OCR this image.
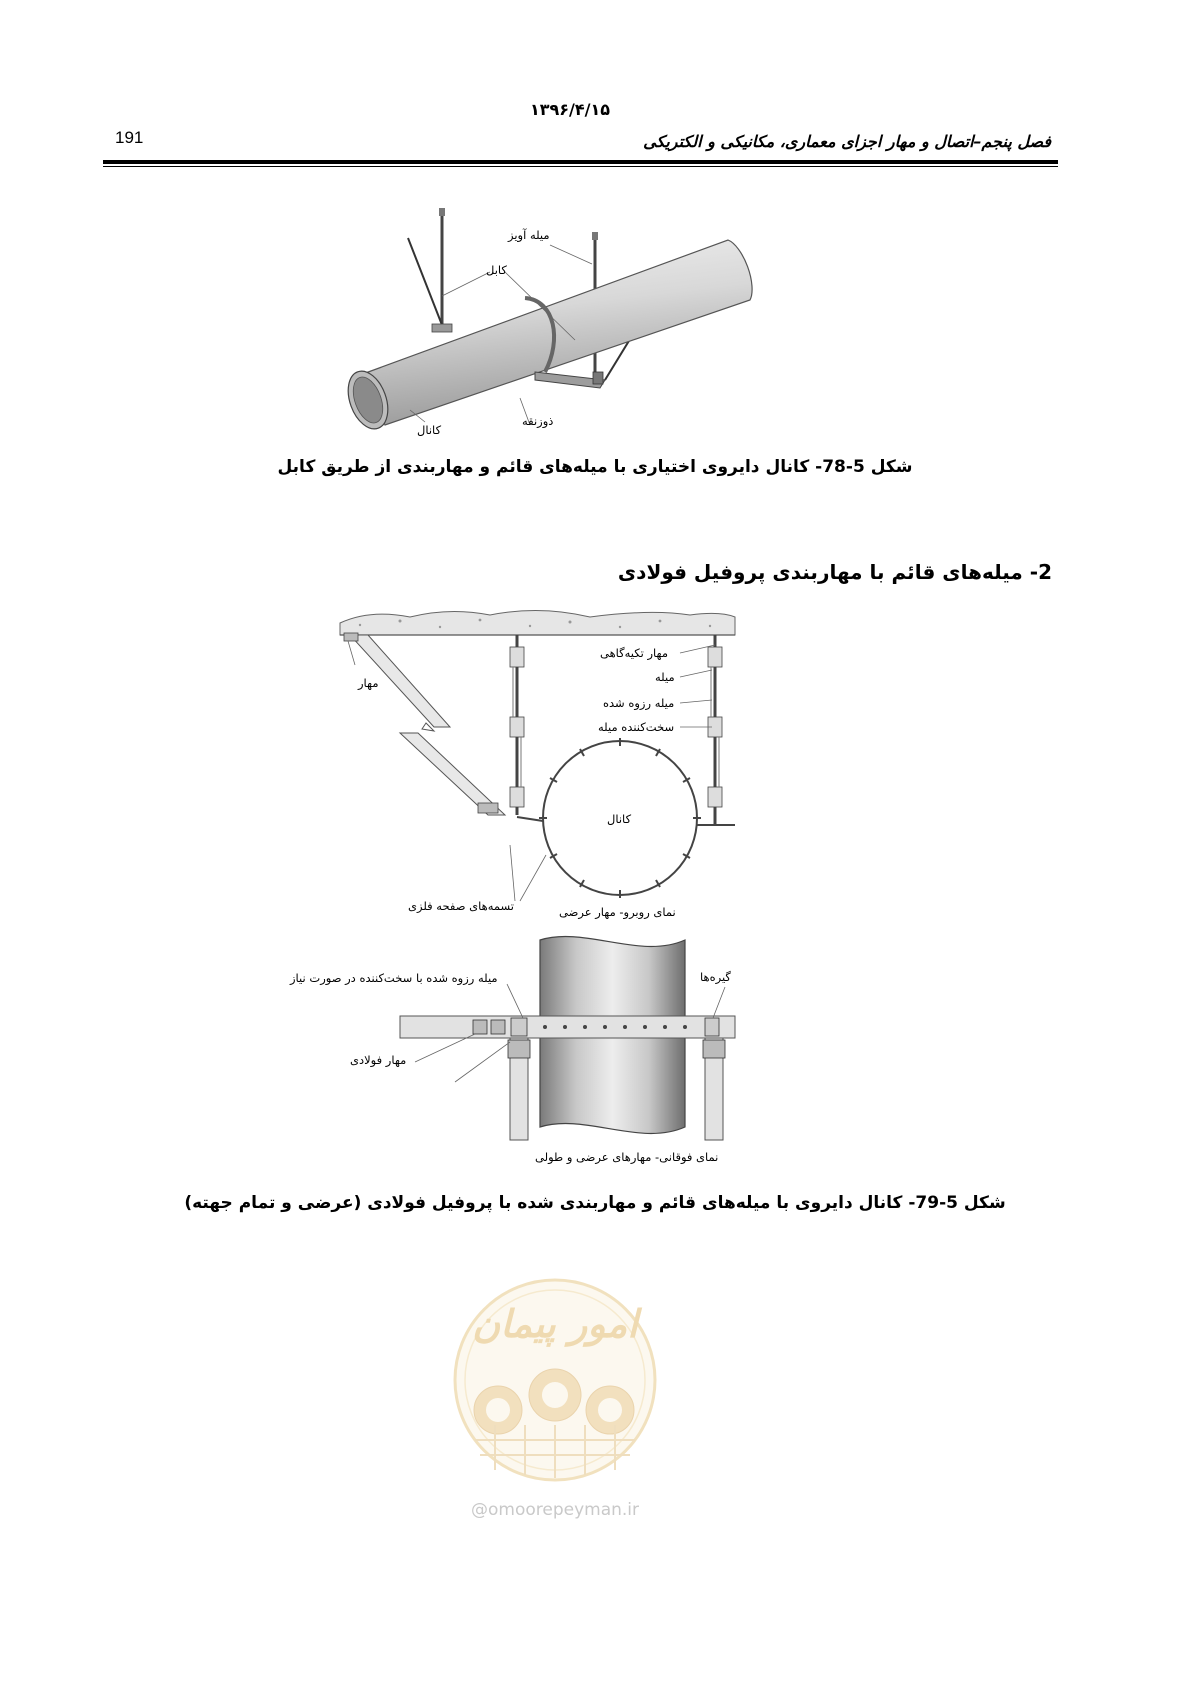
۱۳۹۶/۴/۱۵
191	فصل پنجم–اتصال و مهار اجزای معماری، مکانیکی و الکتریکی
میله آویز
کابل
ذوزنقه
کانال
شکل 5-78- کانال دایروی اختیاری با میله‌های قائم و مهاربندی از طریق کابل
2- میله‌های قائم با مهاربندی پروفیل فولادی
مهار تکیه‌گاهی
میله
میله رزوه شده
سخت‌کننده میله
مهار
کانال
تسمه‌های صفحه فلزی	نمای روبرو- مهار عرضی
میله رزوه شده با سخت‌کننده در صورت نیاز	گیره‌ها
مهار فولادی
نمای فوقانی- مهارهای عرضی و طولی
شکل 5-79- کانال دایروی با میله‌های قائم و مهاربندی شده با پروفیل فولادی (عرضی و تمام جهته)
امور پیمان
@omoorepeyman.ir
